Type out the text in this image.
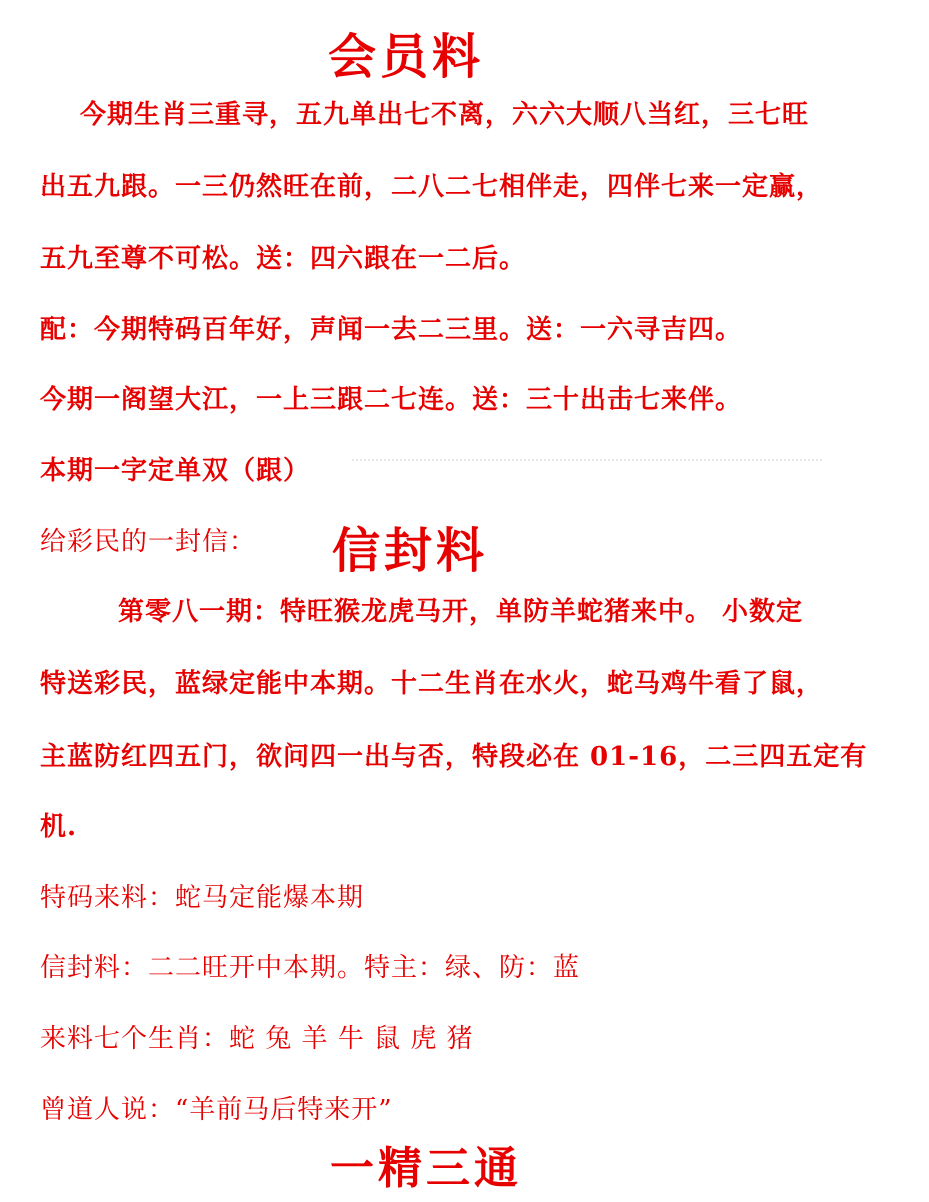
会员料
今期生肖三重寻，五九单出七不离，六六大顺八当红，三七旺
出五九跟。一三仍然旺在前，二八二七相伴走，四伴七来一定赢，
五九至尊不可松。送：四六跟在一二后。
配：今期特码百年好，声闻一去二三里。送：一六寻吉四。
今期一阁望大江，一上三跟二七连。送：三十出击七来伴。
本期一字定单双（跟）
给彩民的一封信： 信封料
第零八一期：特旺猴龙虎马开，单防羊蛇猪来中。 小数定
特送彩民，蓝绿定能中本期。十二生肖在水火，蛇马鸡牛看了鼠，
主蓝防红四五门，欲问四一出与否，特段必在 01-16，二三四五定有
机.
特码来料：蛇马定能爆本期
信封料：二二旺开中本期。特主：绿、防：蓝
来料七个生肖：蛇 兔 羊 牛 鼠 虎 猪
曾道人说：“羊前马后特来开”
一精三通
